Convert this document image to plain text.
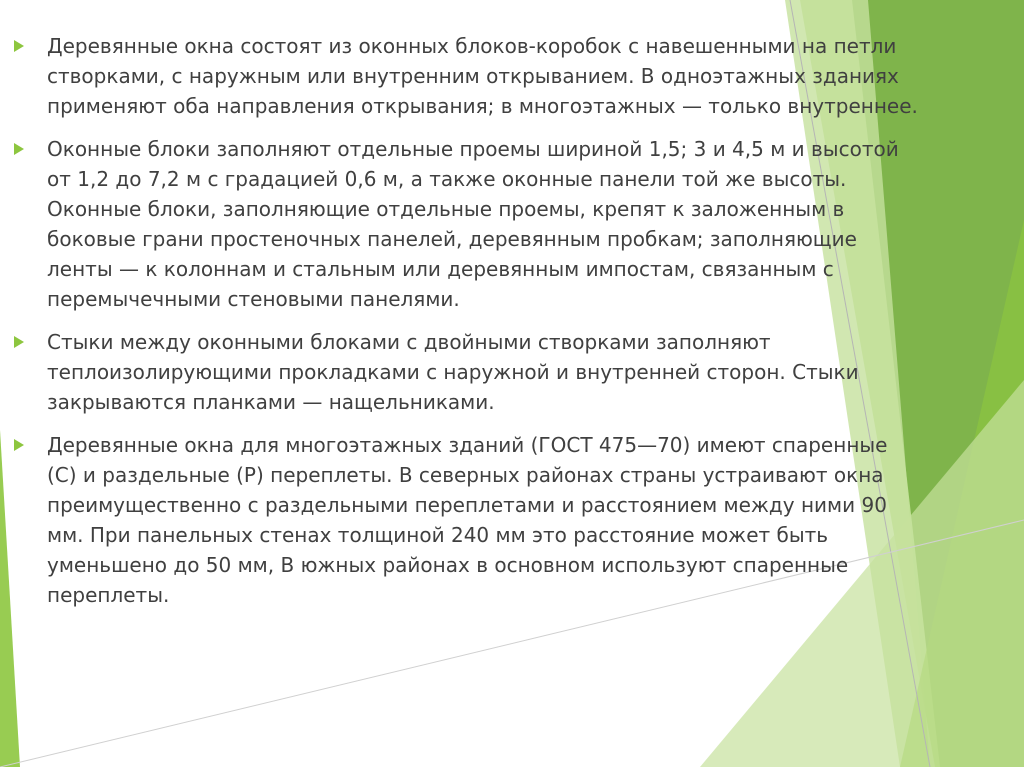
Деревянные окна состоят из оконных блоков-коробок с навешенными на петли
створками, с наружным или внутренним открыванием. В одноэтажных зданиях
применяют оба направления открывания; в многоэтажных — только внутреннее.
Оконные блоки заполняют отдельные проемы шириной 1,5; 3 и 4,5 м и высотой
от 1,2 до 7,2 м с градацией 0,6 м, а также оконные панели той же высоты.
Оконные блоки, заполняющие отдельные проемы, крепят к заложенным в
боковые грани простеночных панелей, деревянным пробкам; заполняющие
ленты — к колоннам и стальным или деревянным импостам, связанным с
перемычечными стеновыми панелями.
Стыки между оконными блоками с двойными створками заполняют
теплоизолирующими прокладками с наружной и внутренней сторон. Стыки
закрываются планками — нащельниками.
Деревянные окна для многоэтажных зданий (ГОСТ 475—70) имеют спаренные
(С) и раздельные (Р) переплеты. В северных районах страны устраивают окна
преимущественно с раздельными переплетами и расстоянием между ними 90
мм. При панельных стенах толщиной 240 мм это расстояние может быть
уменьшено до 50 мм, В южных районах в основном используют спаренные
переплеты.
